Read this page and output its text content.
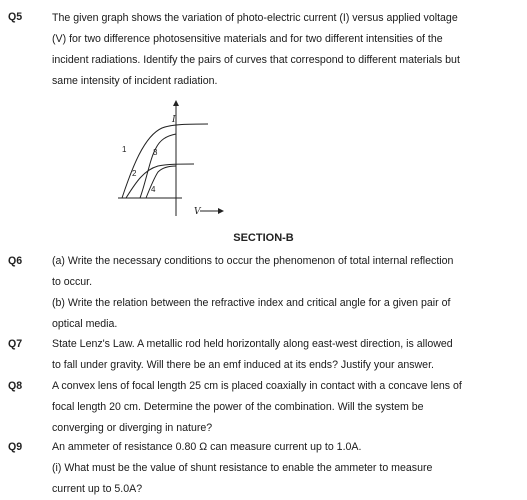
Q5	The given graph shows the variation of photo-electric current (I) versus applied voltage
(V) for two difference photosensitive materials and for two different intensities of the
incident radiations. Identify the pairs of curves that correspond to different materials but
same intensity of incident radiation.
I
V
1
2
3
4
SECTION-B
Q6	(a) Write the necessary conditions to occur the phenomenon of total internal reflection
to occur.
(b) Write the relation between the refractive index and critical angle for a given pair of
optical media.
Q7	State Lenz's Law. A metallic rod held horizontally along east-west direction, is allowed
to fall under gravity. Will there be an emf induced at its ends? Justify your answer.
Q8	A convex lens of focal length 25 cm is placed coaxially in contact with a concave lens of
focal length 20 cm. Determine the power of the combination. Will the system be
converging or diverging in nature?
Q9	An ammeter of resistance 0.80 Ω can measure current up to 1.0A.
(i) What must be the value of shunt resistance to enable the ammeter to measure
current up to 5.0A?
